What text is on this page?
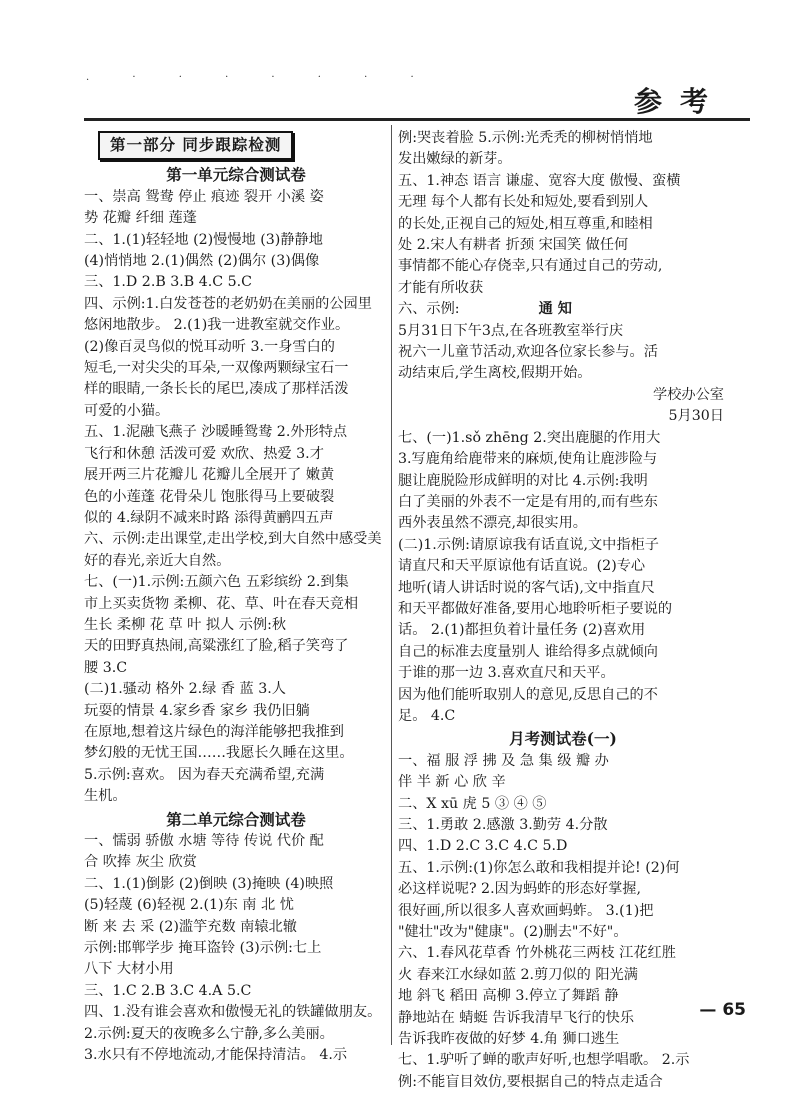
. · · · · · · ·
参考
第一部分 同步跟踪检测
第一单元综合测试卷
一、崇高 鸳鸯 停止 痕迹 裂开 小溪 姿
势 花瓣 纤细 莲蓬
二、1.(1)轻轻地 (2)慢慢地 (3)静静地
(4)悄悄地 2.(1)偶然 (2)偶尔 (3)偶像
三、1.D 2.B 3.B 4.C 5.C
四、示例:1.白发苍苍的老奶奶在美丽的公园里
悠闲地散步。 2.(1)我一进教室就交作业。
(2)像百灵鸟似的悦耳动听 3.一身雪白的
短毛,一对尖尖的耳朵,一双像两颗绿宝石一
样的眼睛,一条长长的尾巴,凑成了那样活泼
可爱的小猫。
五、1.泥融飞燕子 沙暖睡鸳鸯 2.外形特点
飞行和休憩 活泼可爱 欢欣、热爱 3.才
展开两三片花瓣儿 花瓣儿全展开了 嫩黄
色的小莲蓬 花骨朵儿 饱胀得马上要破裂
似的 4.绿阴不减来时路 添得黄鹂四五声
六、示例:走出课堂,走出学校,到大自然中感受美
好的春光,亲近大自然。
七、(一)1.示例:五颜六色 五彩缤纷 2.到集
市上买卖货物 柔柳、花、草、叶在春天竞相
生长 柔柳 花 草 叶 拟人 示例:秋
天的田野真热闹,高粱涨红了脸,稻子笑弯了
腰 3.C
(二)1.骚动 格外 2.绿 香 蓝 3.人
玩耍的情景 4.家乡香 家乡 我仍旧躺
在原地,想着这片绿色的海洋能够把我推到
梦幻般的无忧王国……我愿长久睡在这里。
5.示例:喜欢。 因为春天充满希望,充满
生机。
第二单元综合测试卷
一、懦弱 骄傲 水塘 等待 传说 代价 配
合 吹捧 灰尘 欣赏
二、1.(1)倒影 (2)倒映 (3)掩映 (4)映照
(5)轻蔑 (6)轻视 2.(1)东 南 北 忧
断 来 去 采 (2)滥竽充数 南辕北辙
示例:邯郸学步 掩耳盗铃 (3)示例:七上
八下 大材小用
三、1.C 2.B 3.C 4.A 5.C
四、1.没有谁会喜欢和傲慢无礼的铁罐做朋友。
2.示例:夏天的夜晚多么宁静,多么美丽。
3.水只有不停地流动,才能保持清洁。 4.示
例:哭丧着脸 5.示例:光秃秃的柳树悄悄地
发出嫩绿的新芽。
五、1.神态 语言 谦虚、宽容大度 傲慢、蛮横
无理 每个人都有长处和短处,要看到别人
的长处,正视自己的短处,相互尊重,和睦相
处 2.宋人有耕者 折颈 宋国笑 做任何
事情都不能心存侥幸,只有通过自己的劳动,
才能有所收获
六、示例:	通 知
5月31日下午3点,在各班教室举行庆
祝六一儿童节活动,欢迎各位家长参与。活
动结束后,学生离校,假期开始。
学校办公室
5月30日
七、(一)1.sǒ zhēng 2.突出鹿腿的作用大
3.写鹿角给鹿带来的麻烦,使角让鹿涉险与
腿让鹿脱险形成鲜明的对比 4.示例:我明
白了美丽的外表不一定是有用的,而有些东
西外表虽然不漂亮,却很实用。
(二)1.示例:请原谅我有话直说,文中指柜子
请直尺和天平原谅他有话直说。(2)专心
地听(请人讲话时说的客气话),文中指直尺
和天平都做好准备,要用心地聆听柜子要说的
话。 2.(1)都担负着计量任务 (2)喜欢用
自己的标准去度量别人 谁给得多点就倾向
于谁的那一边 3.喜欢直尺和天平。
因为他们能听取别人的意见,反思自己的不
足。 4.C
月考测试卷(一)
一、福 服 浮 拂 及 急 集 级 瓣 办
伴 半 新 心 欣 辛
二、X xū 虎 5 ③ ④ ⑤
三、1.勇敢 2.感激 3.勤劳 4.分散
四、1.D 2.C 3.C 4.C 5.D
五、1.示例:(1)你怎么敢和我相提并论! (2)何
必这样说呢? 2.因为蚂蚱的形态好掌握,
很好画,所以很多人喜欢画蚂蚱。 3.(1)把
"健壮"改为"健康"。(2)删去"不好"。
六、1.春风花草香 竹外桃花三两枝 江花红胜
火 春来江水绿如蓝 2.剪刀似的 阳光满
地 斜飞 稻田 高柳 3.停立了舞蹈 静
静地站在 蜻蜓 告诉我清早飞行的快乐
告诉我昨夜做的好梦 4.角 狮口逃生
七、1.驴听了蝉的歌声好听,也想学唱歌。 2.示
例:不能盲目效仿,要根据自己的特点走适合
— 65
